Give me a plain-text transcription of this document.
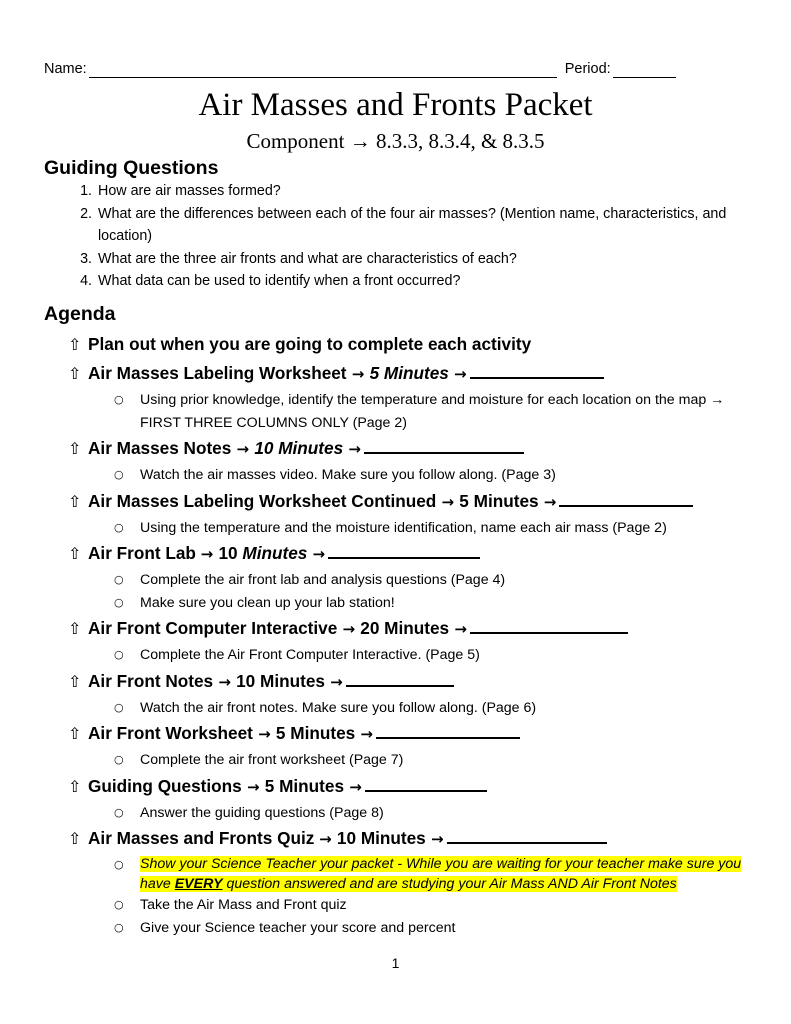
Name:	Period:
Air Masses and Fronts Packet
Component → 8.3.3, 8.3.4, & 8.3.5
Guiding Questions
1. How are air masses formed?
2. What are the differences between each of the four air masses? (Mention name, characteristics, and location)
3. What are the three air fronts and what are characteristics of each?
4. What data can be used to identify when a front occurred?
Agenda
⇧ Plan out when you are going to complete each activity
⇧ Air Masses Labeling Worksheet → 5 Minutes →
○ Using prior knowledge, identify the temperature and moisture for each location on the map → FIRST THREE COLUMNS ONLY (Page 2)
⇧ Air Masses Notes → 10 Minutes →
○ Watch the air masses video. Make sure you follow along. (Page 3)
⇧ Air Masses Labeling Worksheet Continued → 5 Minutes →
○ Using the temperature and the moisture identification, name each air mass (Page 2)
⇧ Air Front Lab → 10 Minutes →
○ Complete the air front lab and analysis questions (Page 4)
○ Make sure you clean up your lab station!
⇧ Air Front Computer Interactive → 20 Minutes →
○ Complete the Air Front Computer Interactive. (Page 5)
⇧ Air Front Notes → 10 Minutes →
○ Watch the air front notes. Make sure you follow along. (Page 6)
⇧ Air Front Worksheet → 5 Minutes →
○ Complete the air front worksheet (Page 7)
⇧ Guiding Questions → 5 Minutes →
○ Answer the guiding questions (Page 8)
⇧ Air Masses and Fronts Quiz → 10 Minutes →
○ Show your Science Teacher your packet - While you are waiting for your teacher make sure you have EVERY question answered and are studying your Air Mass AND Air Front Notes
○ Take the Air Mass and Front quiz
○ Give your Science teacher your score and percent
1
